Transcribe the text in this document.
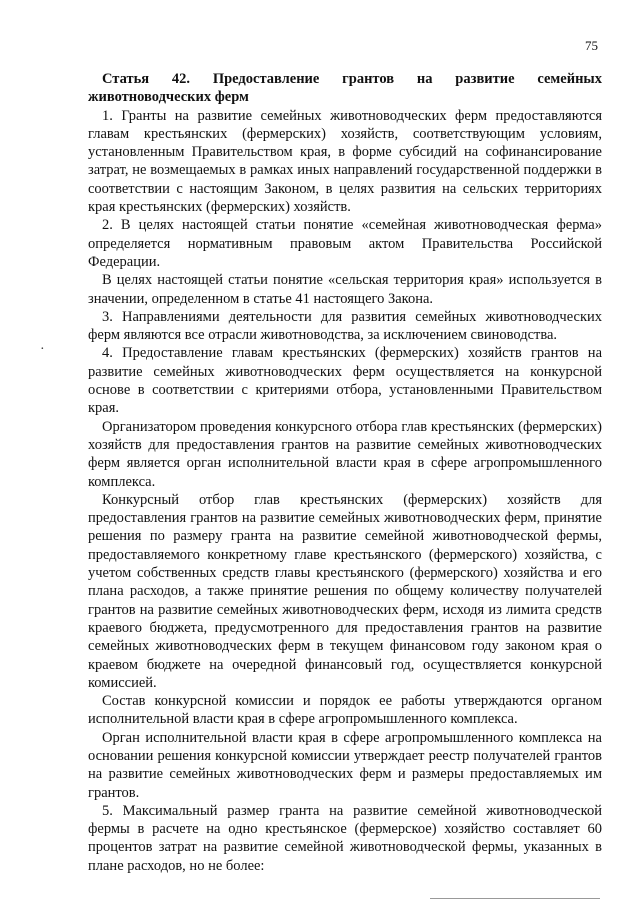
75
·

Статья 42. Предоставление грантов на развитие семейных животноводческих ферм

1. Гранты на развитие семейных животноводческих ферм предоставляются главам крестьянских (фермерских) хозяйств, соответствующим условиям, установленным Правительством края, в форме субсидий на софинансирование затрат, не возмещаемых в рамках иных направлений государственной поддержки в соответствии с настоящим Законом, в целях развития на сельских территориях края крестьянских (фермерских) хозяйств.

2. В целях настоящей статьи понятие «семейная животноводческая ферма» определяется нормативным правовым актом Правительства Российской Федерации.

В целях настоящей статьи понятие «сельская территория края» используется в значении, определенном в статье 41 настоящего Закона.

3. Направлениями деятельности для развития семейных животноводческих ферм являются все отрасли животноводства, за исключением свиноводства.

4. Предоставление главам крестьянских (фермерских) хозяйств грантов на развитие семейных животноводческих ферм осуществляется на конкурсной основе в соответствии с критериями отбора, установленными Правительством края.

Организатором проведения конкурсного отбора глав крестьянских (фермерских) хозяйств для предоставления грантов на развитие семейных животноводческих ферм является орган исполнительной власти края в сфере агропромышленного комплекса.

Конкурсный отбор глав крестьянских (фермерских) хозяйств для предоставления грантов на развитие семейных животноводческих ферм, принятие решения по размеру гранта на развитие семейной животноводческой фермы, предоставляемого конкретному главе крестьянского (фермерского) хозяйства, с учетом собственных средств главы крестьянского (фермерского) хозяйства и его плана расходов, а также принятие решения по общему количеству получателей грантов на развитие семейных животноводческих ферм, исходя из лимита средств краевого бюджета, предусмотренного для предоставления грантов на развитие семейных животноводческих ферм в текущем финансовом году законом края о краевом бюджете на очередной финансовый год, осуществляется конкурсной комиссией.

Состав конкурсной комиссии и порядок ее работы утверждаются органом исполнительной власти края в сфере агропромышленного комплекса.

Орган исполнительной власти края в сфере агропромышленного комплекса на основании решения конкурсной комиссии утверждает реестр получателей грантов на развитие семейных животноводческих ферм и размеры предоставляемых им грантов.

5. Максимальный размер гранта на развитие семейной животноводческой фермы в расчете на одно крестьянское (фермерское) хозяйство составляет 60 процентов затрат на развитие семейной животноводческой фермы, указанных в плане расходов, но не более:
